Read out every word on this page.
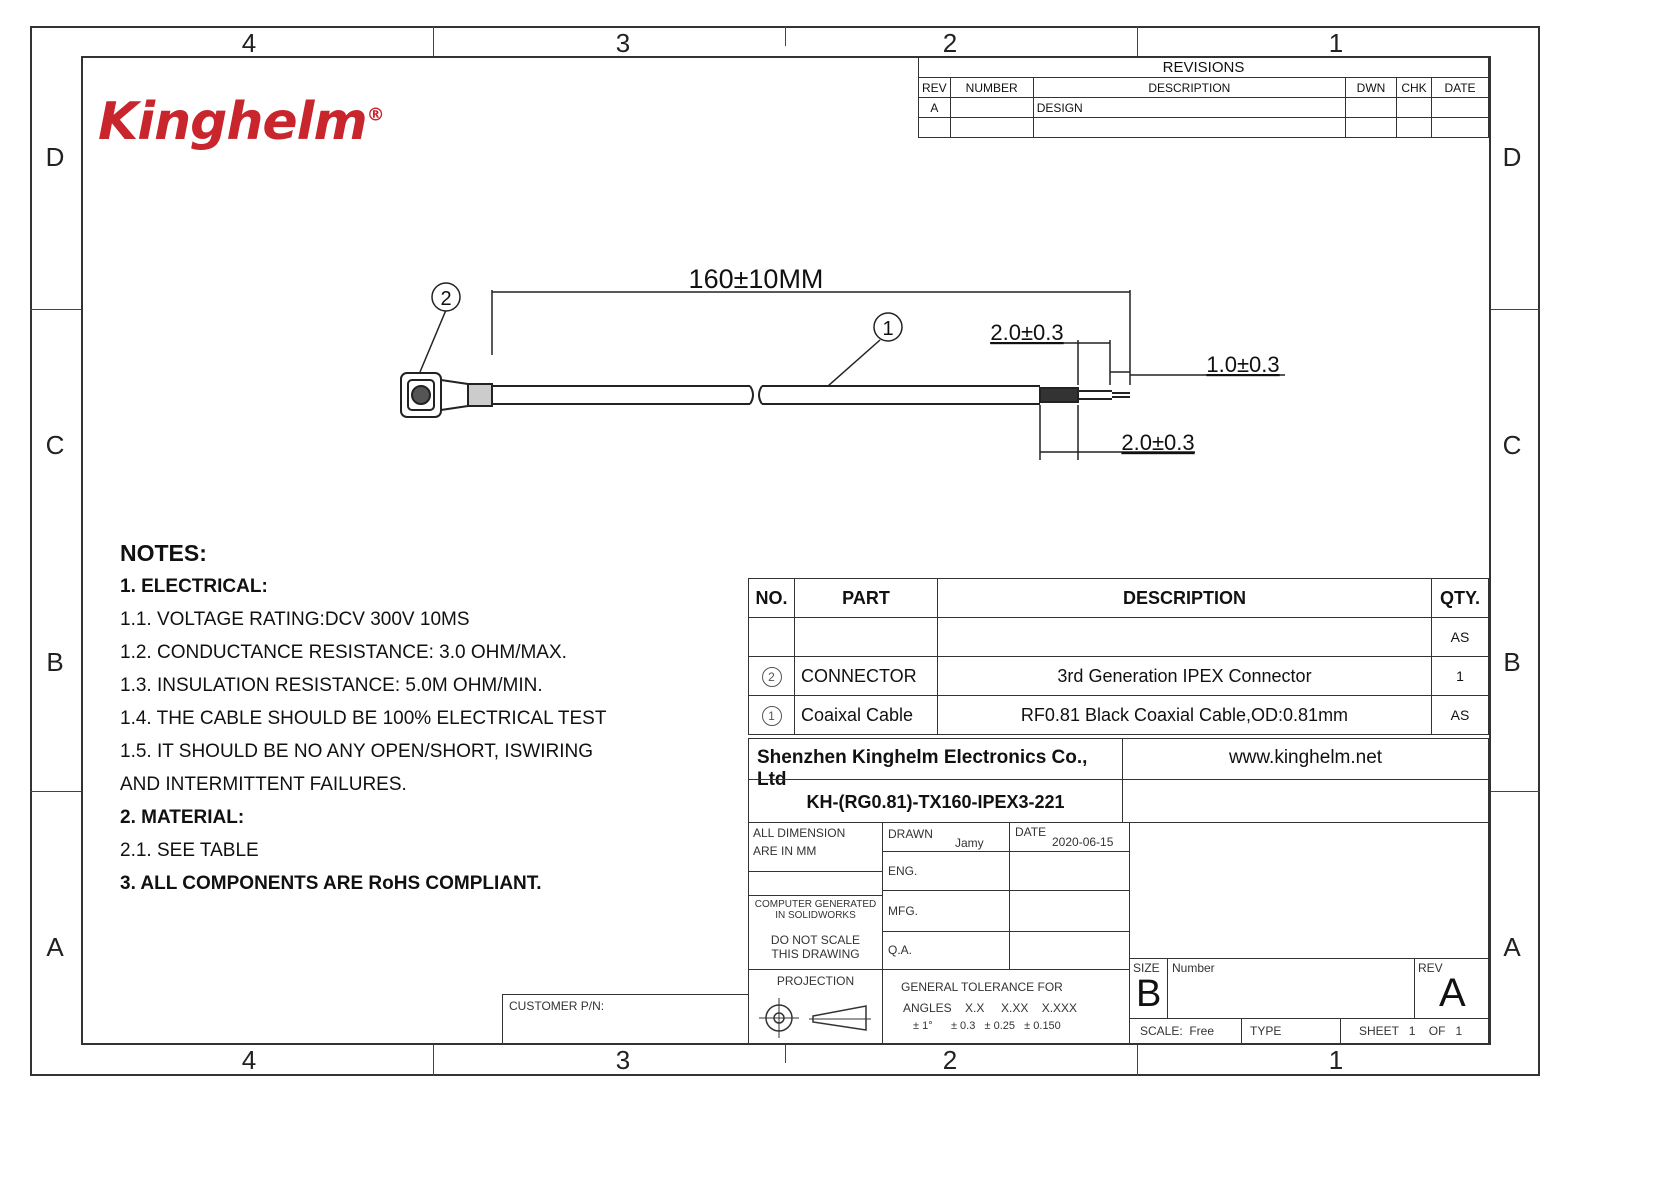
4	3	2	1
4	3	2	1
D
C
B
A
D
C
B
A
Kinghelm®
REVISIONS					
REV	NUMBER	DESCRIPTION	DWN	CHK	DATE
A		DESIGN			

2
1
160±10MM
2.0±0.3
1.0±0.3
2.0±0.3
NOTES:
1. ELECTRICAL:
1.1. VOLTAGE RATING:DCV 300V 10MS
1.2. CONDUCTANCE RESISTANCE: 3.0 OHM/MAX.
1.3. INSULATION RESISTANCE: 5.0M OHM/MIN.
1.4. THE CABLE SHOULD BE 100% ELECTRICAL TEST
1.5. IT SHOULD BE NO ANY OPEN/SHORT, ISWIRING
AND INTERMITTENT FAILURES.
2. MATERIAL:
2.1. SEE TABLE
3. ALL COMPONENTS ARE RoHS COMPLIANT.
NO.	PART	DESCRIPTION	QTY.
			AS
2	CONNECTOR	3rd Generation IPEX Connector	1
1	Coaixal Cable	RF0.81 Black Coaxial Cable,OD:0.81mm	AS
Shenzhen Kinghelm Electronics Co., Ltd
www.kinghelm.net
KH-(RG0.81)-TX160-IPEX3-221
ALL DIMENSION
ARE IN MM
COMPUTER GENERATED
IN SOLIDWORKS
DO NOT SCALE
THIS DRAWING
PROJECTION
DRAWN
Jamy
DATE
2020-06-15
ENG.
MFG.
Q.A.
GENERAL TOLERANCE FOR
ANGLES    X.X     X.XX    X.XXX
± 1°      ± 0.3   ± 0.25   ± 0.150
CUSTOMER P/N:
SIZE
B
Number	REV
A
SCALE:  Free	TYPE	SHEET   1    OF   1
